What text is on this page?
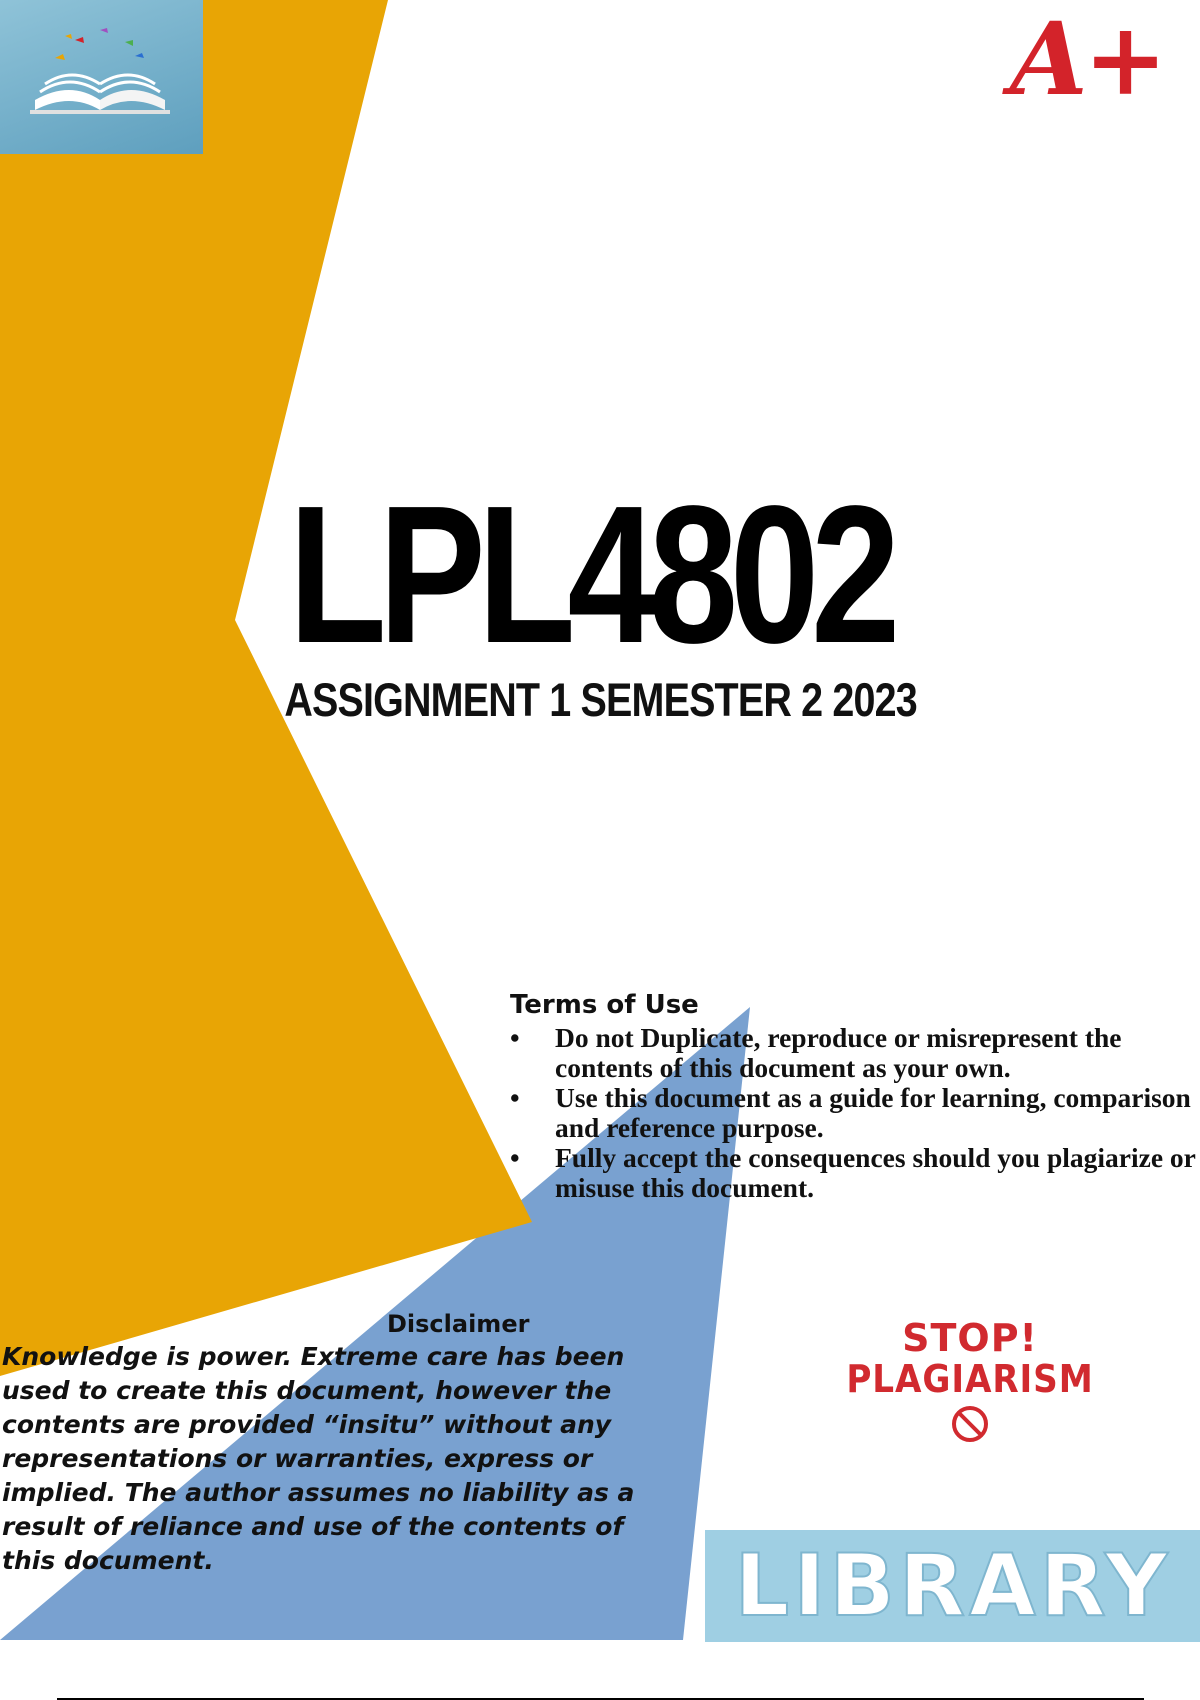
A+
LPL4802
ASSIGNMENT 1 SEMESTER 2 2023
Terms of Use
• Do not Duplicate, reproduce or misrepresent the contents of this document as your own.
• Use this document as a guide for learning, comparison and reference purpose.
• Fully accept the consequences should you plagiarize or misuse this document.
Disclaimer
Knowledge is power. Extreme care has been used to create this document, however the contents are provided “insitu” without any representations or warranties, express or implied. The author assumes no liability as a result of reliance and use of the contents of this document.
STOP!
PLAGIARISM
LIBRARY
